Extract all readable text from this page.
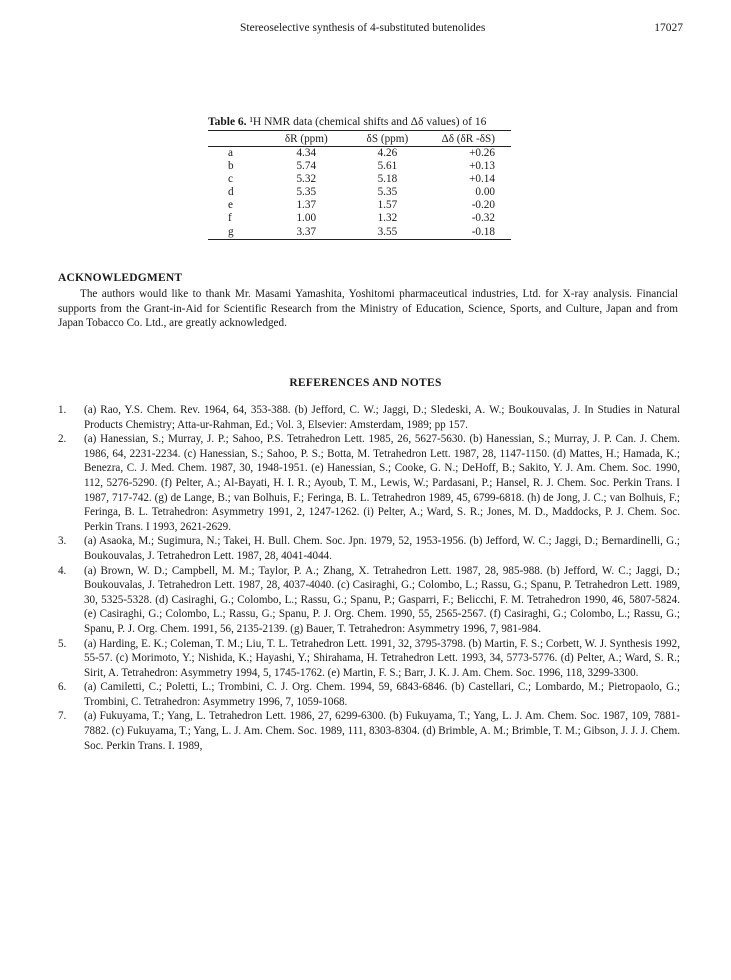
Stereoselective synthesis of 4-substituted butenolides	17027
Table 6. ¹H NMR data (chemical shifts and Δδ values) of 16
	δR (ppm)	δS (ppm)	Δδ (δR -δS)
a	4.34	4.26	+0.26
b	5.74	5.61	+0.13
c	5.32	5.18	+0.14
d	5.35	5.35	0.00
e	1.37	1.57	-0.20
f	1.00	1.32	-0.32
g	3.37	3.55	-0.18
ACKNOWLEDGMENT
The authors would like to thank Mr. Masami Yamashita, Yoshitomi pharmaceutical industries, Ltd. for X-ray analysis. Financial supports from the Grant-in-Aid for Scientific Research from the Ministry of Education, Science, Sports, and Culture, Japan and from Japan Tobacco Co. Ltd., are greatly acknowledged.
REFERENCES AND NOTES
1. (a) Rao, Y.S. Chem. Rev. 1964, 64, 353-388. (b) Jefford, C. W.; Jaggi, D.; Sledeski, A. W.; Boukouvalas, J. In Studies in Natural Products Chemistry; Atta-ur-Rahman, Ed.; Vol. 3, Elsevier: Amsterdam, 1989; pp 157.
2. (a) Hanessian, S.; Murray, J. P.; Sahoo, P.S. Tetrahedron Lett. 1985, 26, 5627-5630. (b) Hanessian, S.; Murray, J. P. Can. J. Chem. 1986, 64, 2231-2234. (c) Hanessian, S.; Sahoo, P. S.; Botta, M. Tetrahedron Lett. 1987, 28, 1147-1150. (d) Mattes, H.; Hamada, K.; Benezra, C. J. Med. Chem. 1987, 30, 1948-1951. (e) Hanessian, S.; Cooke, G. N.; DeHoff, B.; Sakito, Y. J. Am. Chem. Soc. 1990, 112, 5276-5290. (f) Pelter, A.; Al-Bayati, H. I. R.; Ayoub, T. M., Lewis, W.; Pardasani, P.; Hansel, R. J. Chem. Soc. Perkin Trans. I 1987, 717-742. (g) de Lange, B.; van Bolhuis, F.; Feringa, B. L. Tetrahedron 1989, 45, 6799-6818. (h) de Jong, J. C.; van Bolhuis, F.; Feringa, B. L. Tetrahedron: Asymmetry 1991, 2, 1247-1262. (i) Pelter, A.; Ward, S. R.; Jones, M. D., Maddocks, P. J. Chem. Soc. Perkin Trans. I 1993, 2621-2629.
3. (a) Asaoka, M.; Sugimura, N.; Takei, H. Bull. Chem. Soc. Jpn. 1979, 52, 1953-1956. (b) Jefford, W. C.; Jaggi, D.; Bernardinelli, G.; Boukouvalas, J. Tetrahedron Lett. 1987, 28, 4041-4044.
4. (a) Brown, W. D.; Campbell, M. M.; Taylor, P. A.; Zhang, X. Tetrahedron Lett. 1987, 28, 985-988. (b) Jefford, W. C.; Jaggi, D.; Boukouvalas, J. Tetrahedron Lett. 1987, 28, 4037-4040. (c) Casiraghi, G.; Colombo, L.; Rassu, G.; Spanu, P. Tetrahedron Lett. 1989, 30, 5325-5328. (d) Casiraghi, G.; Colombo, L.; Rassu, G.; Spanu, P.; Gasparri, F.; Belicchi, F. M. Tetrahedron 1990, 46, 5807-5824. (e) Casiraghi, G.; Colombo, L.; Rassu, G.; Spanu, P. J. Org. Chem. 1990, 55, 2565-2567. (f) Casiraghi, G.; Colombo, L.; Rassu, G.; Spanu, P. J. Org. Chem. 1991, 56, 2135-2139. (g) Bauer, T. Tetrahedron: Asymmetry 1996, 7, 981-984.
5. (a) Harding, E. K.; Coleman, T. M.; Liu, T. L. Tetrahedron Lett. 1991, 32, 3795-3798. (b) Martin, F. S.; Corbett, W. J. Synthesis 1992, 55-57. (c) Morimoto, Y.; Nishida, K.; Hayashi, Y.; Shirahama, H. Tetrahedron Lett. 1993, 34, 5773-5776. (d) Pelter, A.; Ward, S. R.; Sirit, A. Tetrahedron: Asymmetry 1994, 5, 1745-1762. (e) Martin, F. S.; Barr, J. K. J. Am. Chem. Soc. 1996, 118, 3299-3300.
6. (a) Camiletti, C.; Poletti, L.; Trombini, C. J. Org. Chem. 1994, 59, 6843-6846. (b) Castellari, C.; Lombardo, M.; Pietropaolo, G.; Trombini, C. Tetrahedron: Asymmetry 1996, 7, 1059-1068.
7. (a) Fukuyama, T.; Yang, L. Tetrahedron Lett. 1986, 27, 6299-6300. (b) Fukuyama, T.; Yang, L. J. Am. Chem. Soc. 1987, 109, 7881-7882. (c) Fukuyama, T.; Yang, L. J. Am. Chem. Soc. 1989, 111, 8303-8304. (d) Brimble, A. M.; Brimble, T. M.; Gibson, J. J. J. Chem. Soc. Perkin Trans. I. 1989,
